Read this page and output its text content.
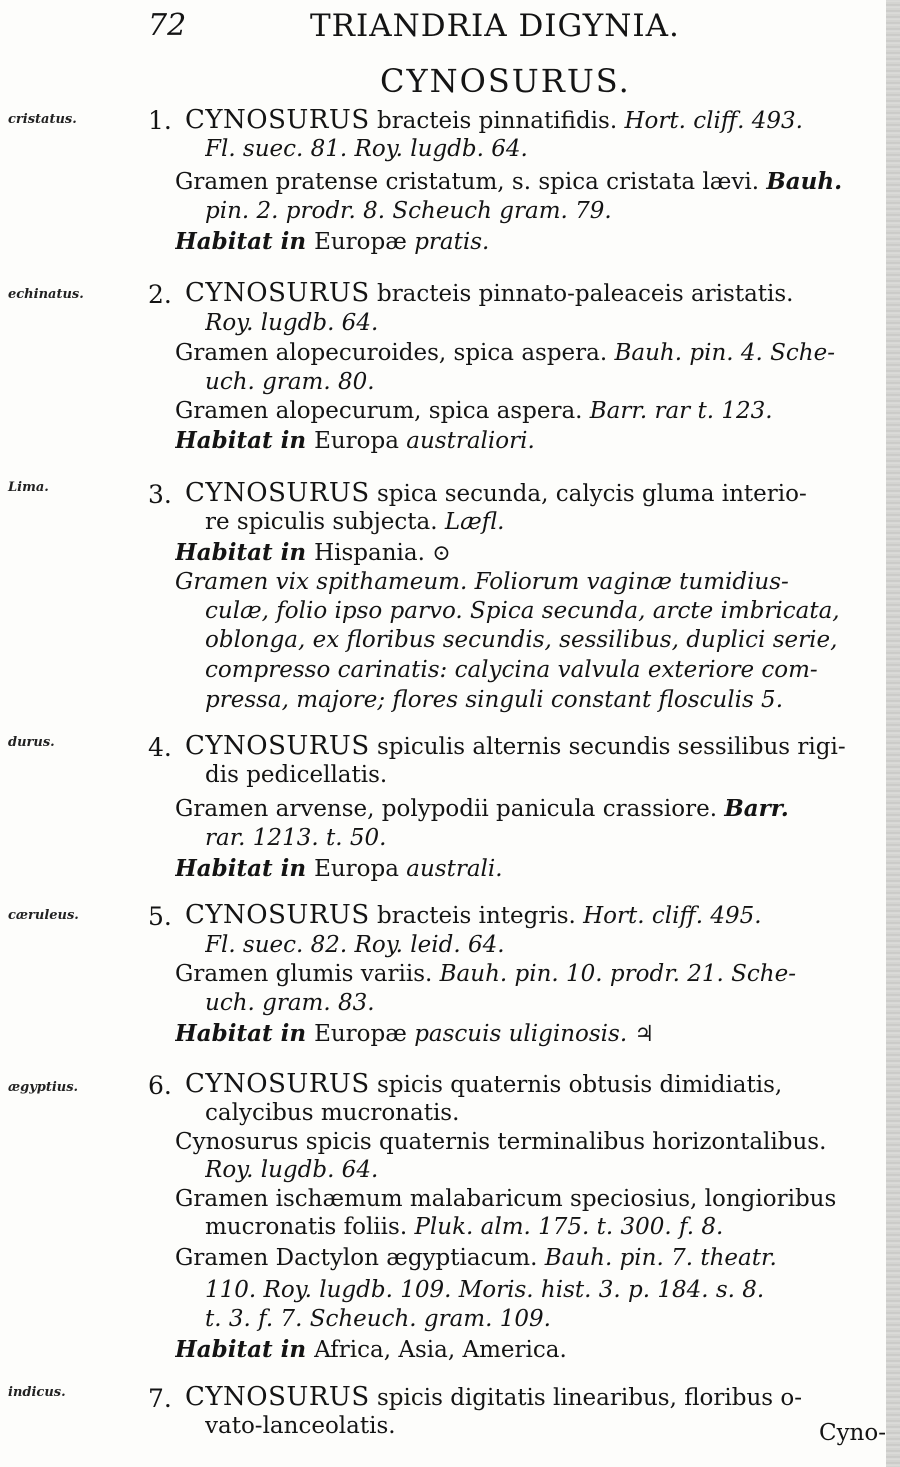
72	TRIANDRIA DIGYNIA.
CYNOSURUS.
cristatus.	1. CYNOSURUS bracteis pinnatifidis. Hort. cliff. 493.
Fl. suec. 81. Roy. lugdb. 64.
Gramen pratense cristatum, s. spica cristata lævi. Bauh.
pin. 2. prodr. 8. Scheuch gram. 79.
Habitat in Europæ pratis.
echinatus.	2. CYNOSURUS bracteis pinnato-paleaceis aristatis.
Roy. lugdb. 64.
Gramen alopecuroides, spica aspera. Bauh. pin. 4. Sche-
uch. gram. 80.
Gramen alopecurum, spica aspera. Barr. rar t. 123.
Habitat in Europa australiori.
Lima.	3. CYNOSURUS spica secunda, calycis gluma interio-
re spiculis subjecta. Læfl.
Habitat in Hispania. ⊙
Gramen vix spithameum. Foliorum vaginæ tumidius-
culæ, folio ipso parvo. Spica secunda, arcte imbricata,
oblonga, ex floribus secundis, sessilibus, duplici serie,
compresso carinatis: calycina valvula exteriore com-
pressa, majore; flores singuli constant flosculis 5.
durus.	4. CYNOSURUS spiculis alternis secundis sessilibus rigi-
dis pedicellatis.
Gramen arvense, polypodii panicula crassiore. Barr.
rar. 1213. t. 50.
Habitat in Europa australi.
cæruleus.	5. CYNOSURUS bracteis integris. Hort. cliff. 495.
Fl. suec. 82. Roy. leid. 64.
Gramen glumis variis. Bauh. pin. 10. prodr. 21. Sche-
uch. gram. 83.
Habitat in Europæ pascuis uliginosis. ♃
ægyptius.	6. CYNOSURUS spicis quaternis obtusis dimidiatis,
calycibus mucronatis.
Cynosurus spicis quaternis terminalibus horizontalibus.
Roy. lugdb. 64.
Gramen ischæmum malabaricum speciosius, longioribus
mucronatis foliis. Pluk. alm. 175. t. 300. f. 8.
Gramen Dactylon ægyptiacum. Bauh. pin. 7. theatr.
110. Roy. lugdb. 109. Moris. hist. 3. p. 184. s. 8.
t. 3. f. 7. Scheuch. gram. 109.
Habitat in Africa, Asia, America.
indicus.	7. CYNOSURUS spicis digitatis linearibus, floribus o-
vato-lanceolatis.	Cyno-
